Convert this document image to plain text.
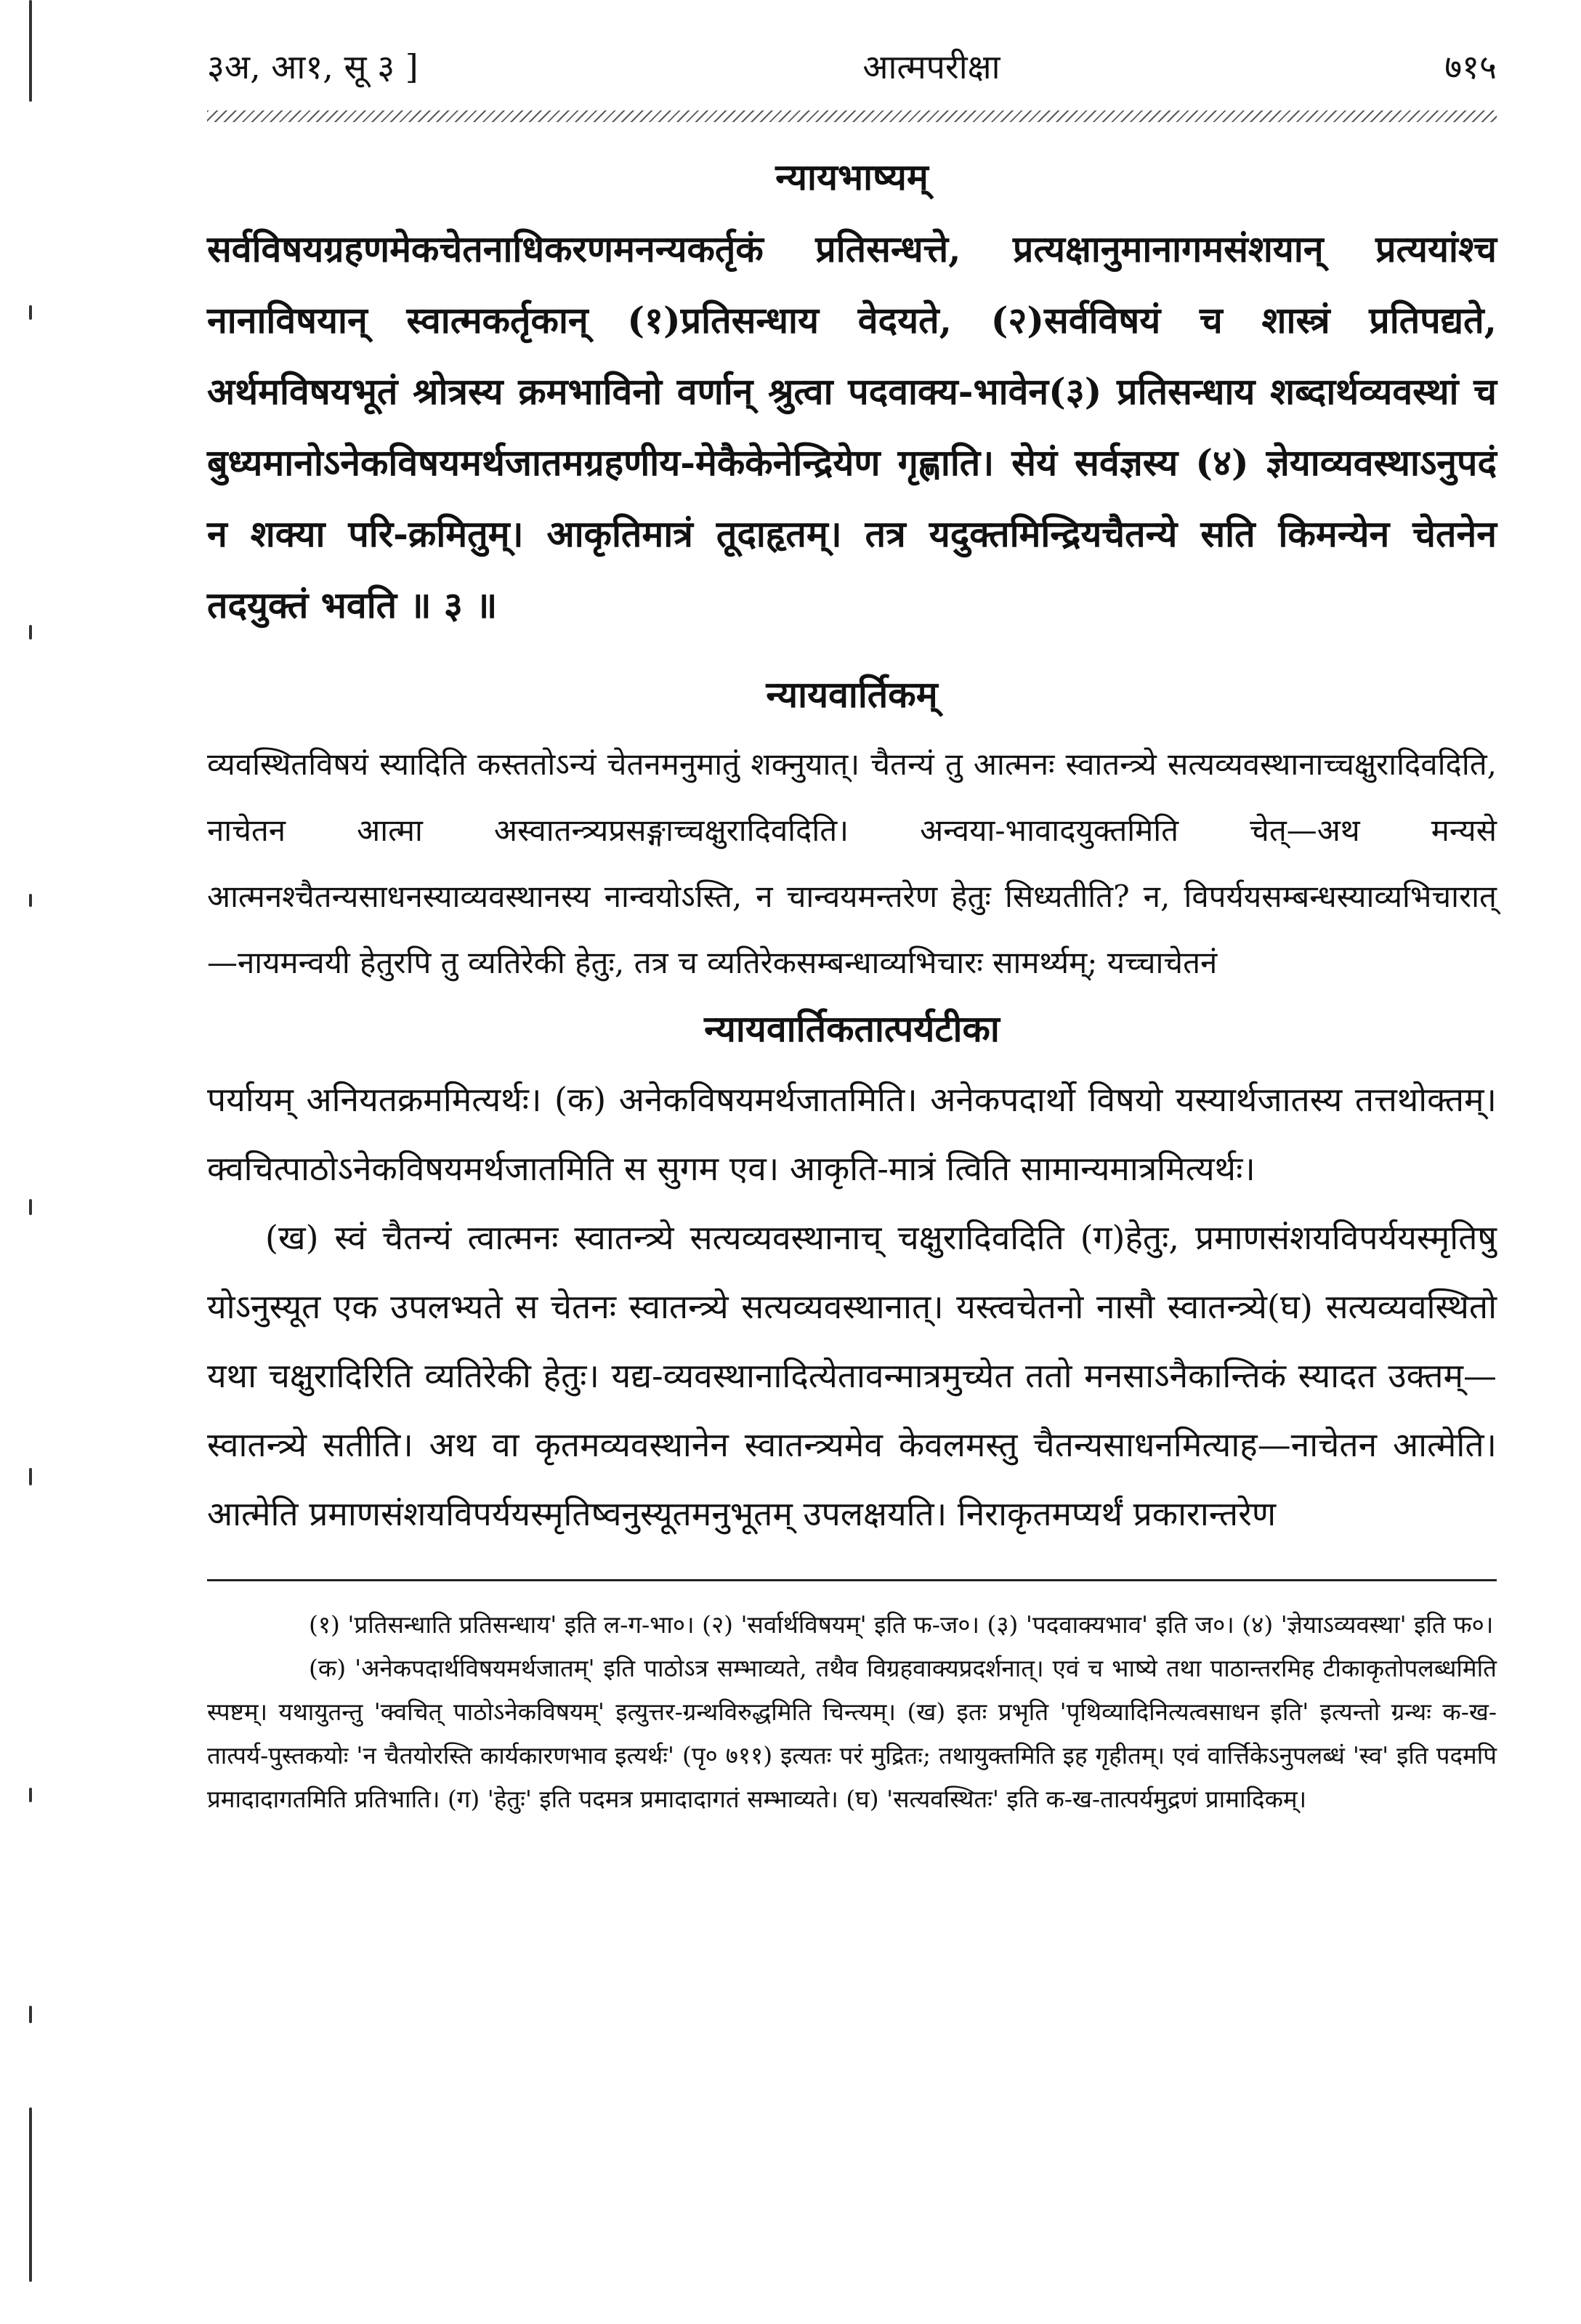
३अ, आ१, सू ३ ]	आत्मपरीक्षा	७१५
न्यायभाष्यम्

सर्वविषयग्रहणमेकचेतनाधिकरणमनन्यकर्तृकं प्रतिसन्धत्ते, प्रत्यक्षानुमानागमसंशयान् प्रत्ययांश्च नानाविषयान् स्वात्मकर्तृकान् (१)प्रतिसन्धाय वेदयते, (२)सर्वविषयं च शास्त्रं प्रतिपद्यते, अर्थमविषयभूतं श्रोत्रस्य क्रमभाविनो वर्णान् श्रुत्वा पदवाक्य-भावेन(३) प्रतिसन्धाय शब्दार्थव्यवस्थां च बुध्यमानोऽनेकविषयमर्थजातमग्रहणीय-मेकैकेनेन्द्रियेण गृह्णाति। सेयं सर्वज्ञस्य (४) ज्ञेयाव्यवस्थाऽनुपदं न शक्या परि-क्रमितुम्। आकृतिमात्रं तूदाहृतम्। तत्र यदुक्तमिन्द्रियचैतन्ये सति किमन्येन चेतनेन तदयुक्तं भवति ॥ ३ ॥

न्यायवार्तिकम्

व्यवस्थितविषयं स्यादिति कस्ततोऽन्यं चेतनमनुमातुं शक्नुयात्। चैतन्यं तु आत्मनः स्वातन्त्र्ये सत्यव्यवस्थानाच्चक्षुरादिवदिति, नाचेतन आत्मा अस्वातन्त्र्यप्रसङ्गाच्चक्षुरादिवदिति। अन्वया-भावादयुक्तमिति चेत्—अथ मन्यसे आत्मनश्चैतन्यसाधनस्याव्यवस्थानस्य नान्वयोऽस्ति, न चान्वयमन्तरेण हेतुः सिध्यतीति? न, विपर्ययसम्बन्धस्याव्यभिचारात्—नायमन्वयी हेतुरपि तु व्यतिरेकी हेतुः, तत्र च व्यतिरेकसम्बन्धाव्यभिचारः सामर्थ्यम्; यच्चाचेतनं

न्यायवार्तिकतात्पर्यटीका

पर्यायम् अनियतक्रममित्यर्थः। (क) अनेकविषयमर्थजातमिति। अनेकपदार्थो विषयो यस्यार्थजातस्य तत्तथोक्तम्। क्वचित्पाठोऽनेकविषयमर्थजातमिति स सुगम एव। आकृति-मात्रं त्विति सामान्यमात्रमित्यर्थः।

(ख) स्वं चैतन्यं त्वात्मनः स्वातन्त्र्ये सत्यव्यवस्थानाच् चक्षुरादिवदिति (ग)हेतुः, प्रमाणसंशयविपर्ययस्मृतिषु योऽनुस्यूत एक उपलभ्यते स चेतनः स्वातन्त्र्ये सत्यव्यवस्थानात्। यस्त्वचेतनो नासौ स्वातन्त्र्ये(घ) सत्यव्यवस्थितो यथा चक्षुरादिरिति व्यतिरेकी हेतुः। यद्य-व्यवस्थानादित्येतावन्मात्रमुच्येत ततो मनसाऽनैकान्तिकं स्यादत उक्तम्—स्वातन्त्र्ये सतीति। अथ वा कृतमव्यवस्थानेन स्वातन्त्र्यमेव केवलमस्तु चैतन्यसाधनमित्याह—नाचेतन आत्मेति। आत्मेति प्रमाणसंशयविपर्ययस्मृतिष्वनुस्यूतमनुभूतम् उपलक्षयति। निराकृतमप्यर्थं प्रकारान्तरेण

(१) 'प्रतिसन्धाति प्रतिसन्धाय' इति ल-ग-भा०। (२) 'सर्वार्थविषयम्' इति फ-ज०। (३) 'पदवाक्यभाव' इति ज०। (४) 'ज्ञेयाऽव्यवस्था' इति फ०।

(क) 'अनेकपदार्थविषयमर्थजातम्' इति पाठोऽत्र सम्भाव्यते, तथैव विग्रहवाक्यप्रदर्शनात्। एवं च भाष्ये तथा पाठान्तरमिह टीकाकृतोपलब्धमिति स्पष्टम्। यथायुतन्तु 'क्वचित् पाठोऽनेकविषयम्' इत्युत्तर-ग्रन्थविरुद्धमिति चिन्त्यम्। (ख) इतः प्रभृति 'पृथिव्यादिनित्यत्वसाधन इति' इत्यन्तो ग्रन्थः क-ख-तात्पर्य-पुस्तकयोः 'न चैतयोरस्ति कार्यकारणभाव इत्यर्थः' (पृ० ७११) इत्यतः परं मुद्रितः; तथायुक्तमिति इह गृहीतम्। एवं वार्त्तिकेऽनुपलब्धं 'स्व' इति पदमपि प्रमादादागतमिति प्रतिभाति। (ग) 'हेतुः' इति पदमत्र प्रमादादागतं सम्भाव्यते। (घ) 'सत्यवस्थितः' इति क-ख-तात्पर्यमुद्रणं प्रामादिकम्।
